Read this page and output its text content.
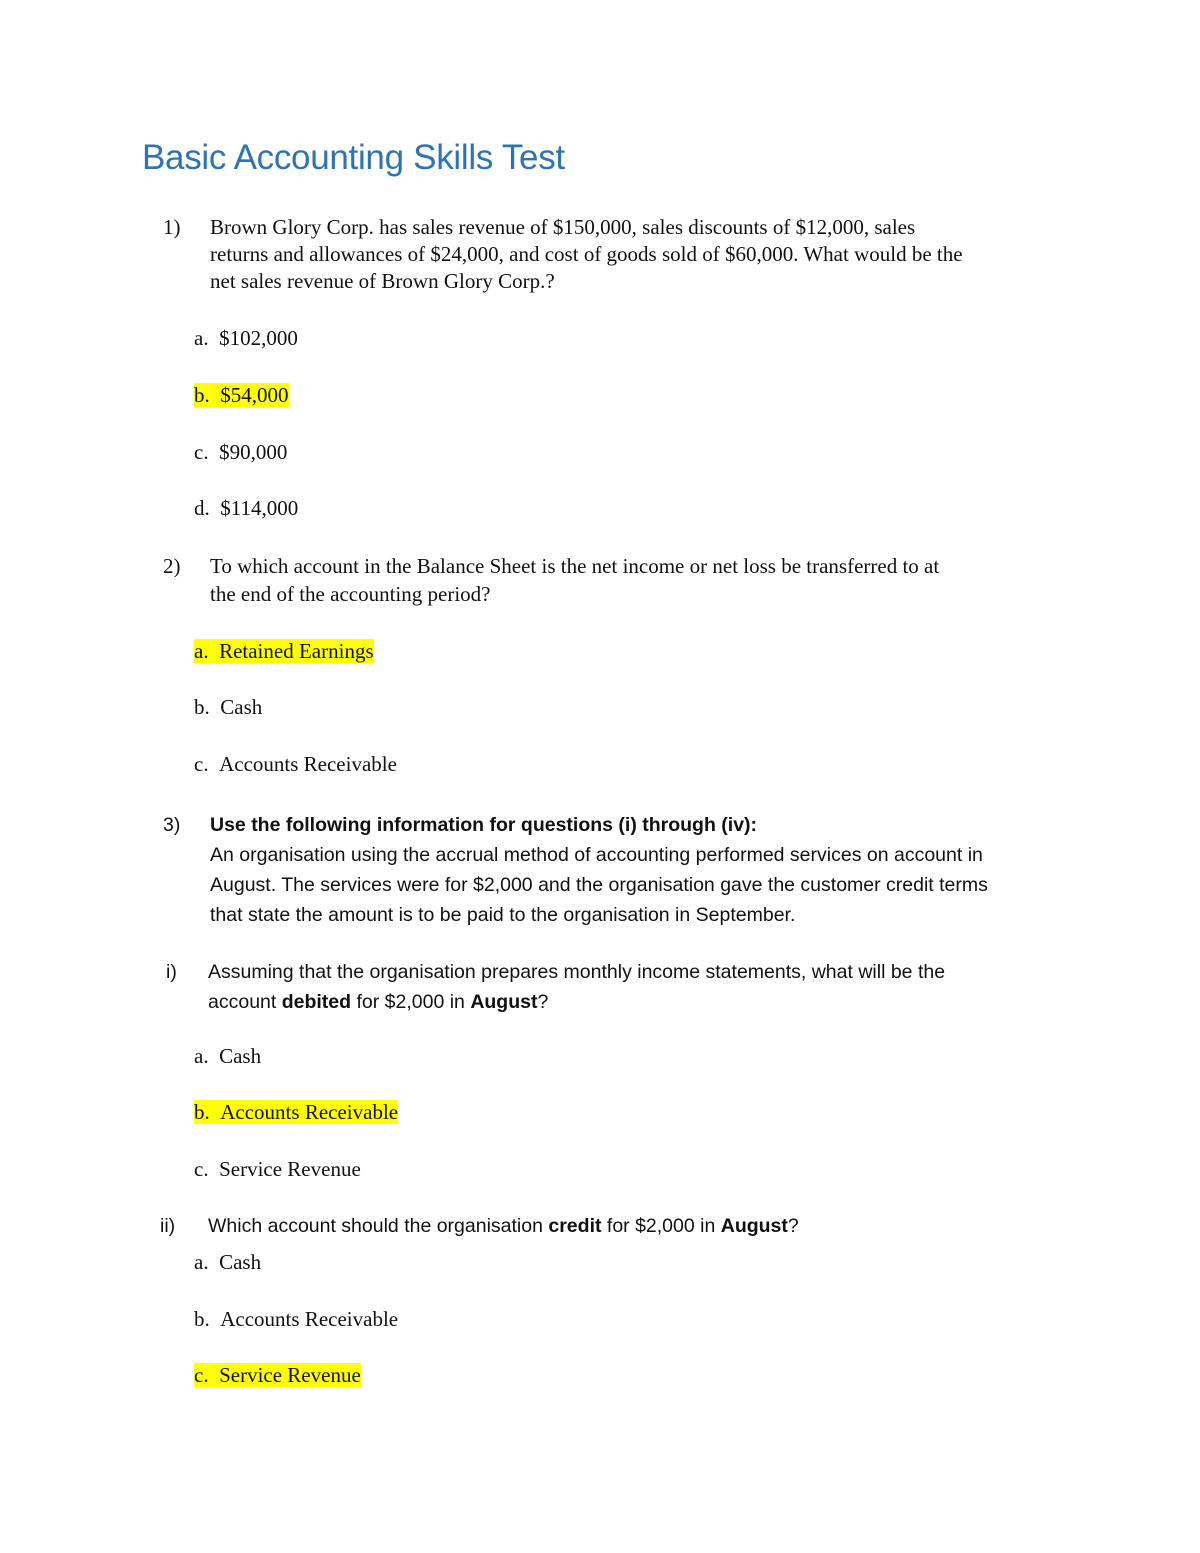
Basic Accounting Skills Test
1) Brown Glory Corp. has sales revenue of $150,000, sales discounts of $12,000, sales
returns and allowances of $24,000, and cost of goods sold of $60,000. What would be the
net sales revenue of Brown Glory Corp.?
a. $102,000
b. $54,000
c. $90,000
d. $114,000
2) To which account in the Balance Sheet is the net income or net loss be transferred to at
the end of the accounting period?
a. Retained Earnings
b. Cash
c. Accounts Receivable
3) Use the following information for questions (i) through (iv):
An organisation using the accrual method of accounting performed services on account in
August. The services were for $2,000 and the organisation gave the customer credit terms
that state the amount is to be paid to the organisation in September.
i) Assuming that the organisation prepares monthly income statements, what will be the
account debited for $2,000 in August?
a. Cash
b. Accounts Receivable
c. Service Revenue
ii) Which account should the organisation credit for $2,000 in August?
a. Cash
b. Accounts Receivable
c. Service Revenue
